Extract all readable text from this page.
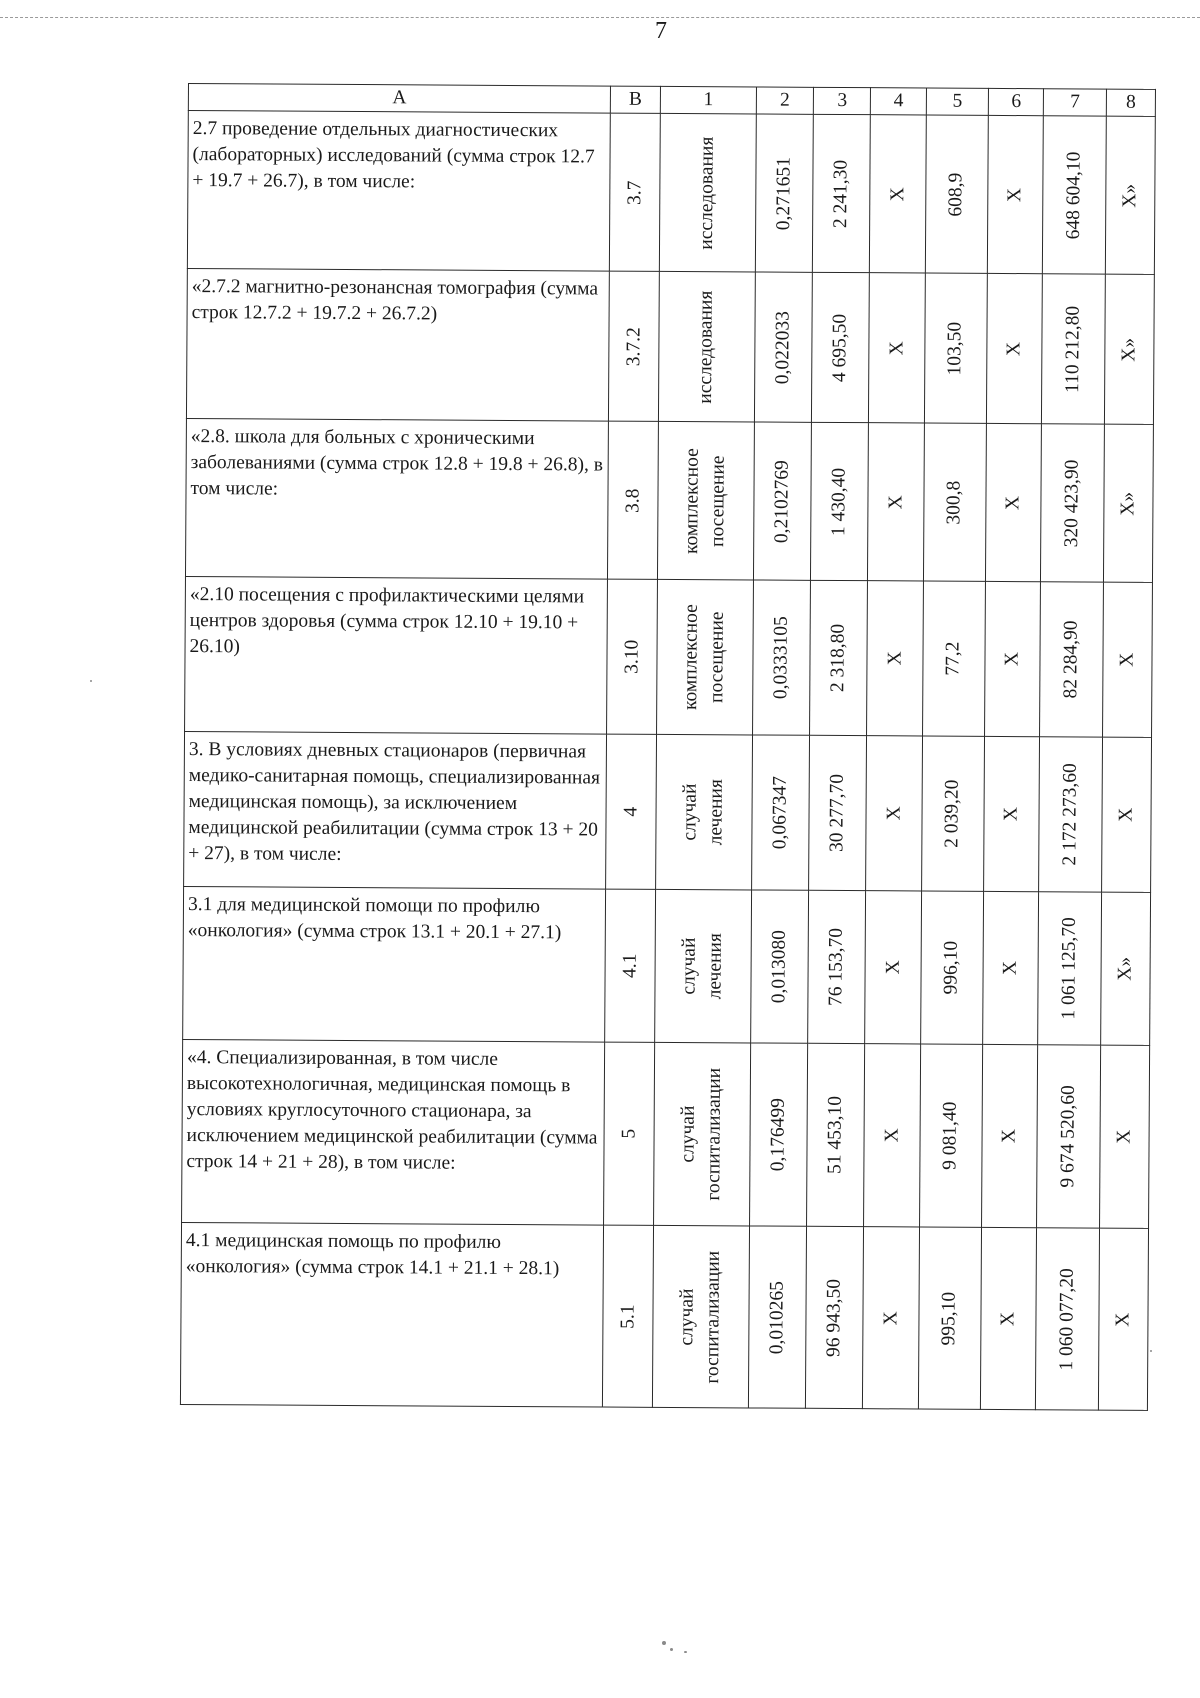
7
А	В	1	2	3	4	5	6	7	8
2.7 проведение отдельных диагностических (лабораторных) исследований (сумма строк 12.7 + 19.7 + 26.7), в том числе:	3.7	исследования	0,271651	2 241,30	Х	608,9	Х	648 604,10	Х»

«2.7.2 магнитно-резонансная томография (сумма строк 12.7.2 + 19.7.2 + 26.7.2)	3.7.2	исследования	0,022033	4 695,50	Х	103,50	Х	110 212,80	Х»

«2.8. школа для больных с хроническими заболеваниями (сумма строк 12.8 + 19.8 + 26.8), в том числе:	3.8	комплексное
посещение	0,2102769	1 430,40	Х	300,8	Х	320 423,90	Х»

«2.10 посещения с профилактическими целями центров здоровья (сумма строк 12.10 + 19.10 + 26.10)	3.10	комплексное
посещение	0,0333105	2 318,80	Х	77,2	Х	82 284,90	Х

3. В условиях дневных стационаров (первичная медико-санитарная помощь, специализированная медицинская помощь), за исключением медицинской реабилитации (сумма строк 13 + 20 + 27), в том числе:	4	случай лечения	0,067347	30 277,70	Х	2 039,20	Х	2 172 273,60	Х

3.1 для медицинской помощи по профилю «онкология» (сумма строк 13.1 + 20.1 + 27.1)	4.1	случай лечения	0,013080	76 153,70	Х	996,10	Х	1 061 125,70	Х»

«4. Специализированная, в том числе высокотехнологичная, медицинская помощь в условиях круглосуточного стационара, за исключением медицинской реабилитации (сумма строк 14 + 21 + 28), в том числе:	5	случай
госпитализации	0,176499	51 453,10	Х	9 081,40	Х	9 674 520,60	Х

4.1 медицинская помощь по профилю «онкология» (сумма строк 14.1 + 21.1 + 28.1)	5.1	случай
госпитализации	0,010265	96 943,50	Х	995,10	Х	1 060 077,20	Х
